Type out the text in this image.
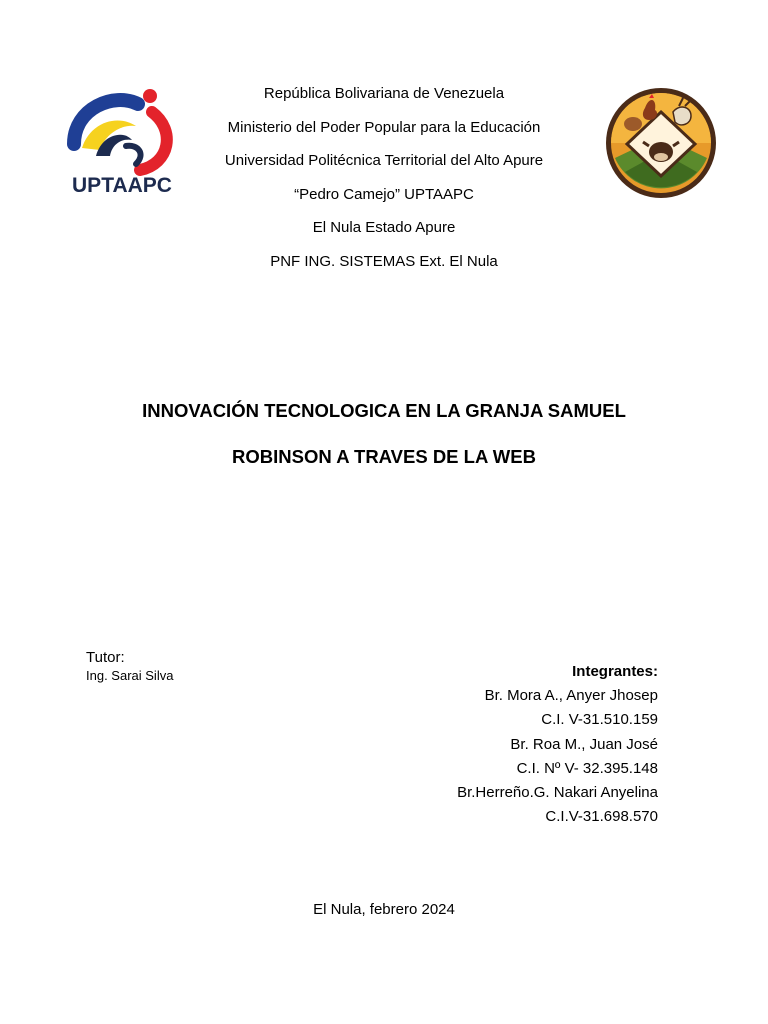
UPTAAPC
República Bolivariana de Venezuela
Ministerio del Poder Popular para la Educación
Universidad Politécnica Territorial del Alto Apure
“Pedro Camejo” UPTAAPC
El Nula Estado Apure
PNF ING. SISTEMAS Ext. El Nula
INNOVACIÓN TECNOLOGICA EN LA GRANJA SAMUEL
ROBINSON A TRAVES DE LA WEB
Tutor:
Ing. Sarai Silva	Integrantes:
Br. Mora A., Anyer Jhosep
C.I. V-31.510.159
Br. Roa M., Juan José
C.I. Nº V- 32.395.148
Br.Herreño.G. Nakari Anyelina
C.I.V-31.698.570
El Nula, febrero 2024
